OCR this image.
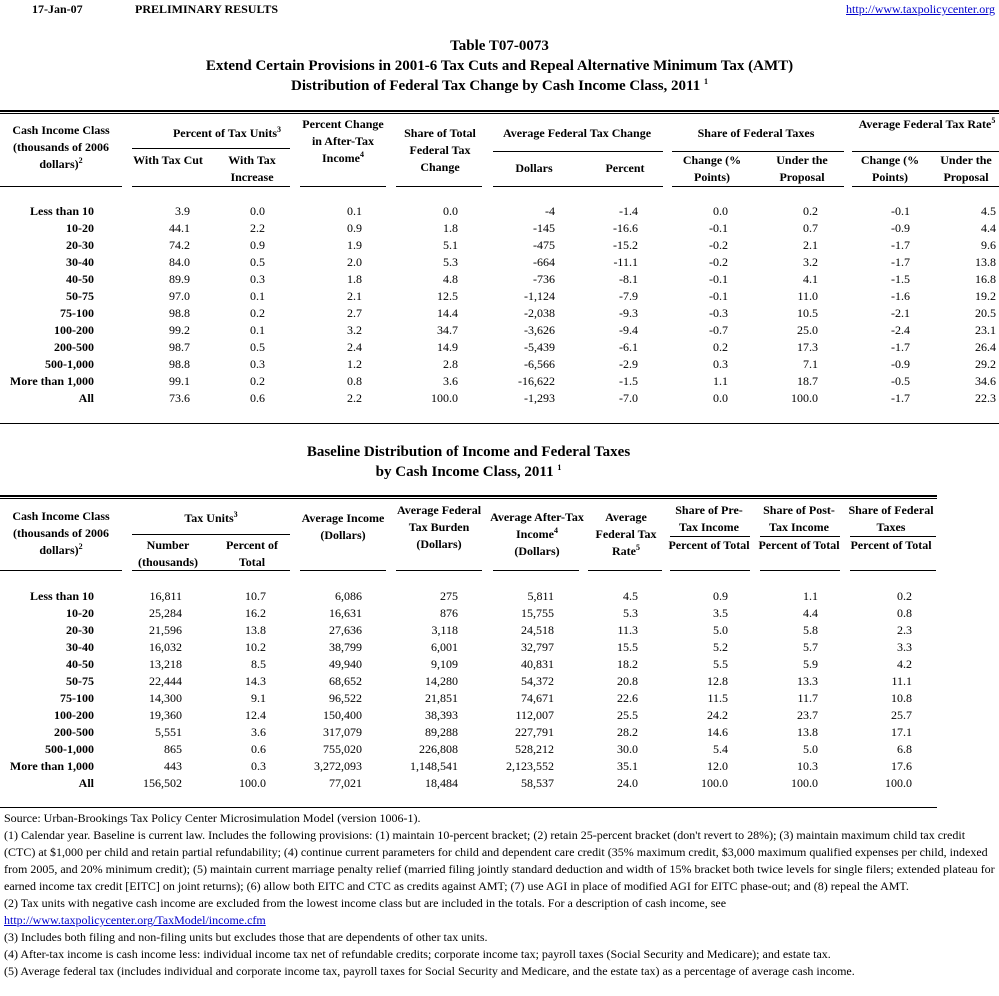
17-Jan-07	PRELIMINARY RESULTS	http://www.taxpolicycenter.org
Table T07-0073
Extend Certain Provisions in 2001-6 Tax Cuts and Repeal Alternative Minimum Tax (AMT)
Distribution of Federal Tax Change by Cash Income Class, 2011 $^1$
Cash Income Class (thousands of 2006 dollars)$^2$
Percent of Tax Units$^3$
With Tax Cut	With Tax Increase
Percent Change in After-Tax Income$^4$
Share of Total Federal Tax Change
Average Federal Tax Change
Dollars	Percent
Share of Federal Taxes
Change (% Points)
Under the Proposal
Average Federal Tax Rate$^5$
Change (% Points)
Under the Proposal
Less than 10	3.9	0.0	0.1	0.0	-4	-1.4	0.0	0.2	-0.1	4.5
10-20	44.1	2.2	0.9	1.8	-145	-16.6	-0.1	0.7	-0.9	4.4
20-30	74.2	0.9	1.9	5.1	-475	-15.2	-0.2	2.1	-1.7	9.6
30-40	84.0	0.5	2.0	5.3	-664	-11.1	-0.2	3.2	-1.7	13.8
40-50	89.9	0.3	1.8	4.8	-736	-8.1	-0.1	4.1	-1.5	16.8
50-75	97.0	0.1	2.1	12.5	-1,124	-7.9	-0.1	11.0	-1.6	19.2
75-100	98.8	0.2	2.7	14.4	-2,038	-9.3	-0.3	10.5	-2.1	20.5
100-200	99.2	0.1	3.2	34.7	-3,626	-9.4	-0.7	25.0	-2.4	23.1
200-500	98.7	0.5	2.4	14.9	-5,439	-6.1	0.2	17.3	-1.7	26.4
500-1,000	98.8	0.3	1.2	2.8	-6,566	-2.9	0.3	7.1	-0.9	29.2
More than 1,000	99.1	0.2	0.8	3.6	-16,622	-1.5	1.1	18.7	-0.5	34.6
All	73.6	0.6	2.2	100.0	-1,293	-7.0	0.0	100.0	-1.7	22.3
Baseline Distribution of Income and Federal Taxes
by Cash Income Class, 2011 $^1$
Cash Income Class (thousands of 2006 dollars)$^2$
Tax Units$^3$
Number (thousands)
Percent of Total
Average Income (Dollars)
Average Federal Tax Burden (Dollars)
Average After-Tax Income$^4$
(Dollars)
Average Federal Tax Rate$^5$
Share of Pre-Tax Income
Percent of Total
Share of Post-Tax Income
Percent of Total
Share of Federal Taxes
Percent of Total
Less than 10	16,811	10.7	6,086	275	5,811	4.5	0.9	1.1	0.2
10-20	25,284	16.2	16,631	876	15,755	5.3	3.5	4.4	0.8
20-30	21,596	13.8	27,636	3,118	24,518	11.3	5.0	5.8	2.3
30-40	16,032	10.2	38,799	6,001	32,797	15.5	5.2	5.7	3.3
40-50	13,218	8.5	49,940	9,109	40,831	18.2	5.5	5.9	4.2
50-75	22,444	14.3	68,652	14,280	54,372	20.8	12.8	13.3	11.1
75-100	14,300	9.1	96,522	21,851	74,671	22.6	11.5	11.7	10.8
100-200	19,360	12.4	150,400	38,393	112,007	25.5	24.2	23.7	25.7
200-500	5,551	3.6	317,079	89,288	227,791	28.2	14.6	13.8	17.1
500-1,000	865	0.6	755,020	226,808	528,212	30.0	5.4	5.0	6.8
More than 1,000	443	0.3	3,272,093	1,148,541	2,123,552	35.1	12.0	10.3	17.6
All	156,502	100.0	77,021	18,484	58,537	24.0	100.0	100.0	100.0

Source: Urban-Brookings Tax Policy Center Microsimulation Model (version 1006-1).

(1) Calendar year. Baseline is current law. Includes the following provisions: (1) maintain 10-percent bracket; (2) retain 25-percent bracket (don't revert to 28%); (3) maintain maximum child tax credit (CTC) at $1,000 per child and retain partial refundability; (4) continue current parameters for child and dependent care credit (35% maximum credit, $3,000 maximum qualified expenses per child, indexed from 2005, and 20% minimum credit); (5) maintain current marriage penalty relief (married filing jointly standard deduction and width of 15% bracket both twice levels for single filers; extended plateau for earned income tax credit [EITC] on joint returns); (6) allow both EITC and CTC as credits against AMT; (7) use AGI in place of modified AGI for EITC phase-out; and (8) repeal the AMT.

(2) Tax units with negative cash income are excluded from the lowest income class but are included in the totals. For a description of cash income, see

http://www.taxpolicycenter.org/TaxModel/income.cfm

(3) Includes both filing and non-filing units but excludes those that are dependents of other tax units.

(4) After-tax income is cash income less: individual income tax net of refundable credits; corporate income tax; payroll taxes (Social Security and Medicare); and estate tax.

(5) Average federal tax (includes individual and corporate income tax, payroll taxes for Social Security and Medicare, and the estate tax) as a percentage of average cash income.
